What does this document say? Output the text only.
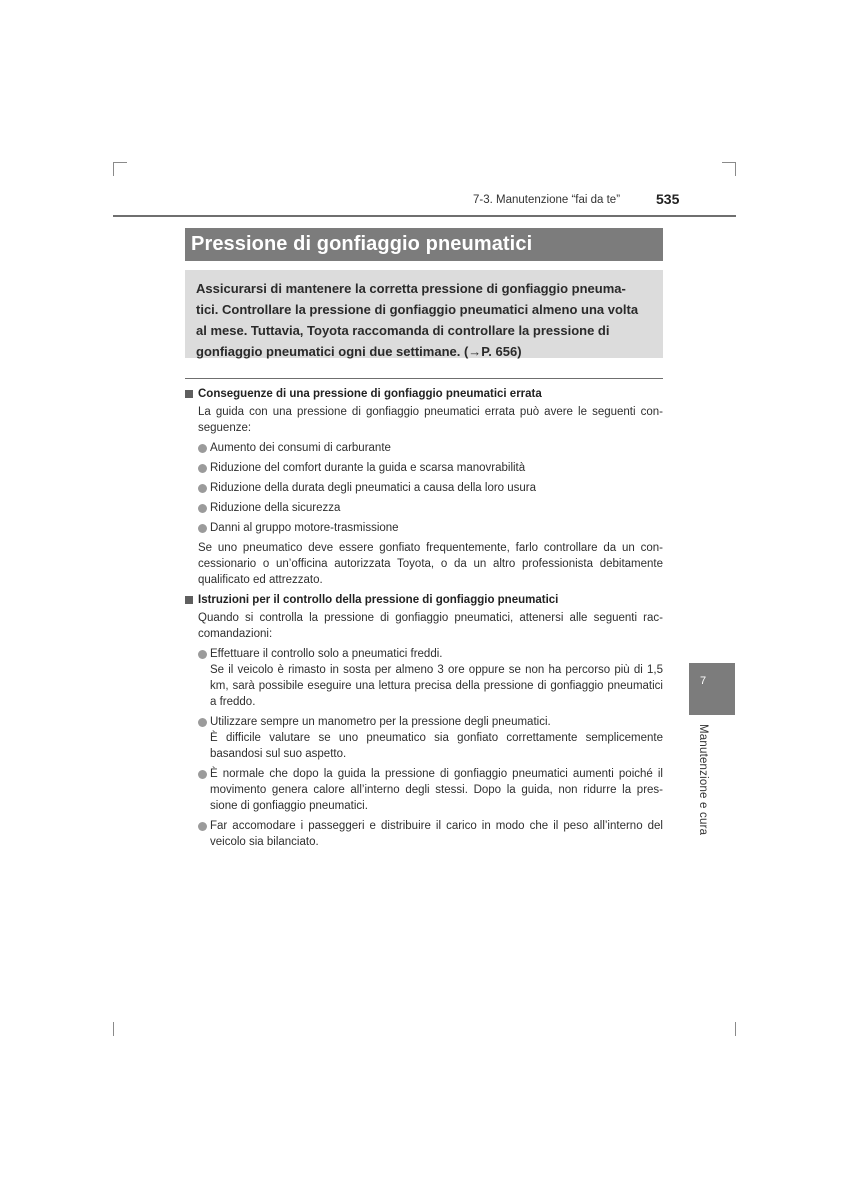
7-3. Manutenzione “fai da te”	535
Pressione di gonfiaggio pneumatici
Assicurarsi di mantenere la corretta pressione di gonfiaggio pneuma-
tici. Controllare la pressione di gonfiaggio pneumatici almeno una volta
al mese. Tuttavia, Toyota raccomanda di controllare la pressione di
gonfiaggio pneumatici ogni due settimane. (→P. 656)
Conseguenze di una pressione di gonfiaggio pneumatici errata
La guida con una pressione di gonfiaggio pneumatici errata può avere le seguenti con- seguenze:
Aumento dei consumi di carburante
Riduzione del comfort durante la guida e scarsa manovrabilità
Riduzione della durata degli pneumatici a causa della loro usura
Riduzione della sicurezza
Danni al gruppo motore-trasmissione
Se uno pneumatico deve essere gonfiato frequentemente, farlo controllare da un con- cessionario o un’officina autorizzata Toyota, o da un altro professionista debitamente qualificato ed attrezzato.
Istruzioni per il controllo della pressione di gonfiaggio pneumatici
Quando si controlla la pressione di gonfiaggio pneumatici, attenersi alle seguenti rac- comandazioni:
Effettuare il controllo solo a pneumatici freddi.
Se il veicolo è rimasto in sosta per almeno 3 ore oppure se non ha percorso più di 1,5 km, sarà possibile eseguire una lettura precisa della pressione di gonfiaggio pneumatici a freddo.
Utilizzare sempre un manometro per la pressione degli pneumatici.
È difficile valutare se uno pneumatico sia gonfiato correttamente semplicemente basandosi sul suo aspetto.
È normale che dopo la guida la pressione di gonfiaggio pneumatici aumenti poiché il movimento genera calore all’interno degli stessi. Dopo la guida, non ridurre la pres- sione di gonfiaggio pneumatici.
Far accomodare i passeggeri e distribuire il carico in modo che il peso all’interno del veicolo sia bilanciato.
7
Manutenzione e cura
